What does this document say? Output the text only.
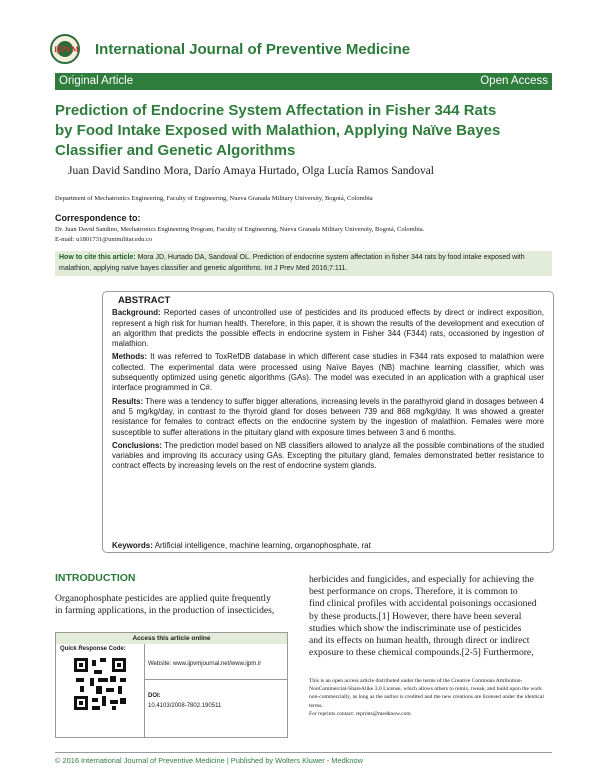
IJPVM International Journal of Preventive Medicine
Original Article	Open Access
Prediction of Endocrine System Affectation in Fisher 344 Rats
by Food Intake Exposed with Malathion, Applying Naïve Bayes
Classifier and Genetic Algorithms
Juan David Sandino Mora, Darío Amaya Hurtado, Olga Lucía Ramos Sandoval
Department of Mechatronics Engineering, Faculty of Engineering, Nueva Granada Military University, Bogotá, Colombia
Correspondence to:
Dr. Juan David Sandino, Mechatronics Engineering Program, Faculty of Engineering, Nueva Granada Military University, Bogotá, Colombia.
E-mail: u1801731@unimilitar.edu.co
How to cite this article: Mora JD, Hurtado DA, Sandoval OL. Prediction of endocrine system affectation in fisher 344 rats by food intake exposed with malathion, applying naïve bayes classifier and genetic algorithms. Int J Prev Med 2016;7:111.
ABSTRACT
Background: Reported cases of uncontrolled use of pesticides and its produced effects by direct or indirect exposition, represent a high risk for human health. Therefore, in this paper, it is shown the results of the development and execution of an algorithm that predicts the possible effects in endocrine system in Fisher 344 (F344) rats, occasioned by ingestion of malathion.
Methods: It was referred to ToxRefDB database in which different case studies in F344 rats exposed to malathion were collected. The experimental data were processed using Naïve Bayes (NB) machine learning classifier, which was subsequently optimized using genetic algorithms (GAs). The model was executed in an application with a graphical user interface programmed in C#.
Results: There was a tendency to suffer bigger alterations, increasing levels in the parathyroid gland in dosages between 4 and 5 mg/kg/day, in contrast to the thyroid gland for doses between 739 and 868 mg/kg/day. It was showed a greater resistance for females to contract effects on the endocrine system by the ingestion of malathion. Females were more susceptible to suffer alterations in the pituitary gland with exposure times between 3 and 6 months.
Conclusions: The prediction model based on NB classifiers allowed to analyze all the possible combinations of the studied variables and improving its accuracy using GAs. Excepting the pituitary gland, females demonstrated better resistance to contract effects by increasing levels on the rest of endocrine system glands.
Keywords: Artificial intelligence, machine learning, organophosphate, rat
INTRODUCTION
Organophosphate pesticides are applied quite frequently
in farming applications, in the production of insecticides,
herbicides and fungicides, and especially for achieving the
best performance on crops. Therefore, it is common to
find clinical profiles with accidental poisonings occasioned
by these products.[1] However, there have been several
studies which show the indiscriminate use of pesticides
and its effects on human health, through direct or indirect
exposure to these chemical compounds.[2-5] Furthermore,
Access this article online
Quick Response Code:
Website: www.ijpvmjournal.net/www.ijpm.ir
DOI:
10.4103/2008-7802.190511
This is an open access article distributed under the terms of the Creative Commons Attribution-NonCommercial-ShareAlike 3.0 License, which allows others to remix, tweak, and build upon the work non-commercially, as long as the author is credited and the new creations are licensed under the identical terms.
For reprints contact: reprints@medknow.com
© 2016 International Journal of Preventive Medicine | Published by Wolters Kluwer - Medknow
